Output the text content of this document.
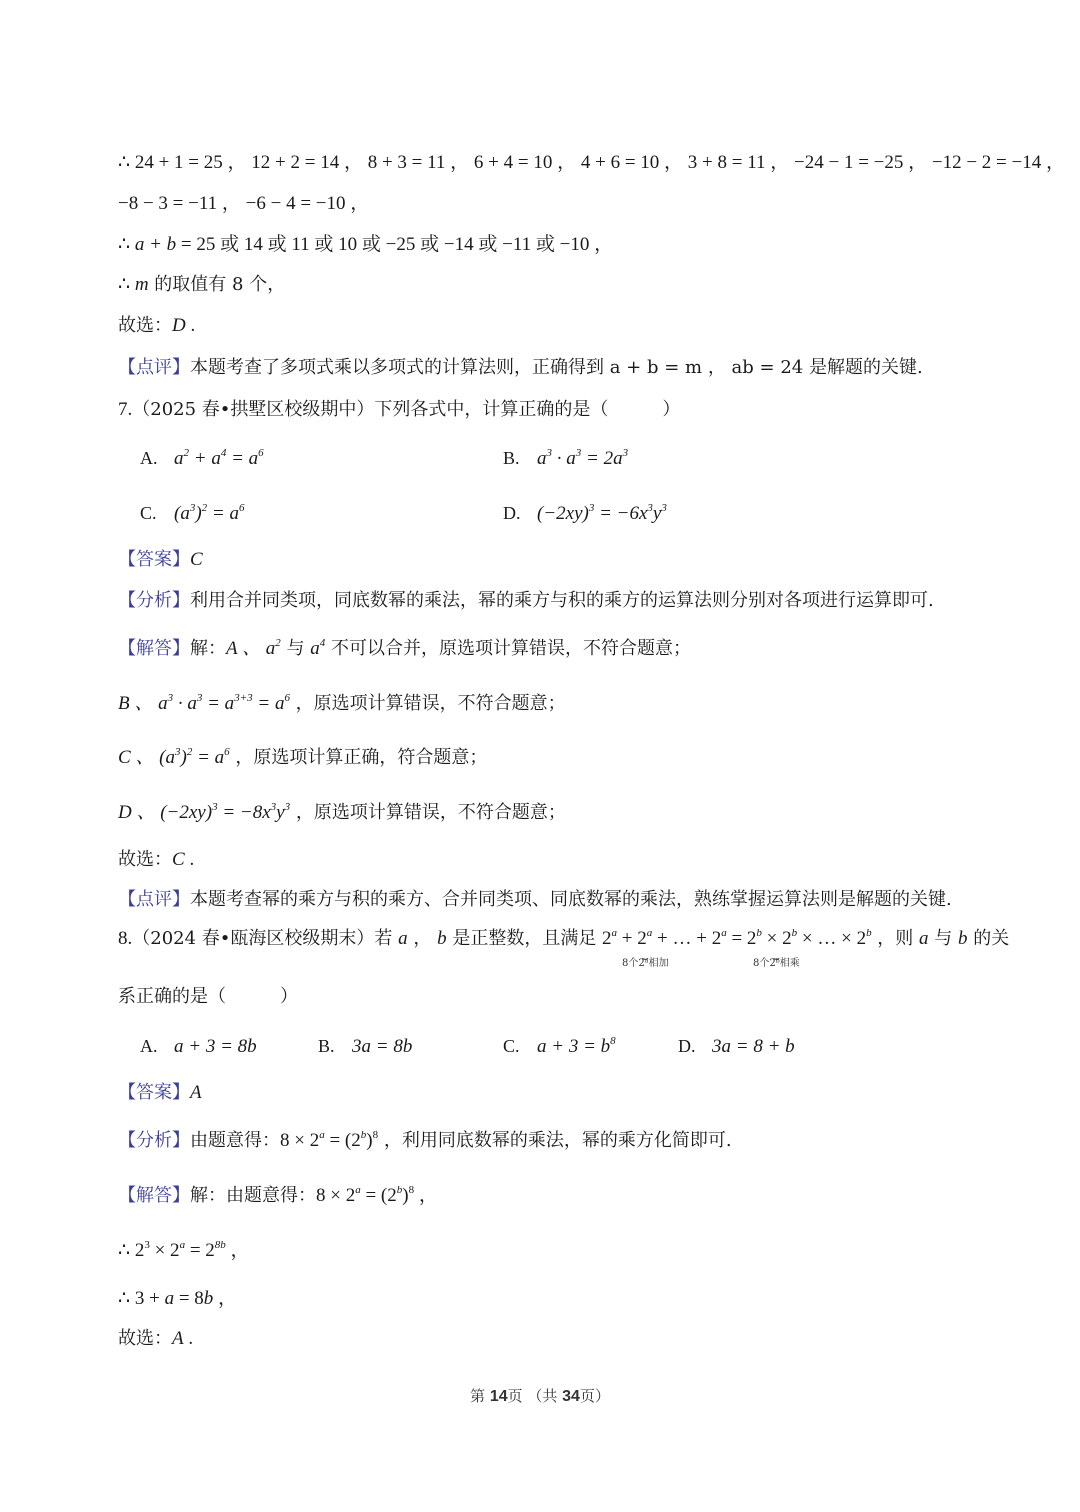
∴ 24 + 1 = 25 ， 12 + 2 = 14 ， 8 + 3 = 11 ， 6 + 4 = 10 ， 4 + 6 = 10 ， 3 + 8 = 11 ， −24 − 1 = −25 ， −12 − 2 = −14 ，
−8 − 3 = −11 ， −6 − 4 = −10 ，
∴ a + b = 25 或 14 或 11 或 10 或 −25 或 −14 或 −11 或 −10 ，
∴ m 的取值有 8 个，
故选：D .
【点评】本题考查了多项式乘以多项式的计算法则，正确得到 a + b = m ， ab = 24 是解题的关键.
7.（2025 春•拱墅区校级期中）下列各式中，计算正确的是（　　　）
A. $a^2 + a^4 = a^6$	B. $a^3 \cdot a^3 = 2a^3$
C. $(a^3)^2 = a^6$	D. $(-2xy)^3 = -6x^3y^3$
【答案】C
【分析】利用合并同类项，同底数幂的乘法，幂的乘方与积的乘方的运算法则分别对各项进行运算即可.
【解答】解：A 、 $a^2$ 与 $a^4$ 不可以合并，原选项计算错误，不符合题意；
B 、 $a^3 \cdot a^3 = a^{3+3} = a^6$ ，原选项计算错误，不符合题意；
C 、 $(a^3)^2 = a^6$ ，原选项计算正确，符合题意；
D 、 $(-2xy)^3 = -8x^3y^3$ ，原选项计算错误，不符合题意；
故选：C .
【点评】本题考查幂的乘方与积的乘方、合并同类项、同底数幂的乘法，熟练掌握运算法则是解题的关键.
8.（2024 春•瓯海区校级期末）若 a ， b 是正整数，且满足 $2^a + 2^a$ + … + $2^a = 2^b \times 2^b$ × … × $2^b$ ，则 a 与 b 的关
⏟
8个2ᵃ相加
⏟
8个2ᵇ相乘
系正确的是（　　　）
A. a + 3 = 8b	B. 3a = 8b	C. $a + 3 = b^8$	D. 3a = 8 + b
【答案】A
【分析】由题意得：$8 \times 2^a = (2^b)^8$ ，利用同底数幂的乘法，幂的乘方化简即可.
【解答】解：由题意得：$8 \times 2^a = (2^b)^8$ ，
∴ $2^3 \times 2^a = 2^{8b}$ ，
∴ 3 + a = 8b ，
故选：A .
第 14页 （共 34页）
